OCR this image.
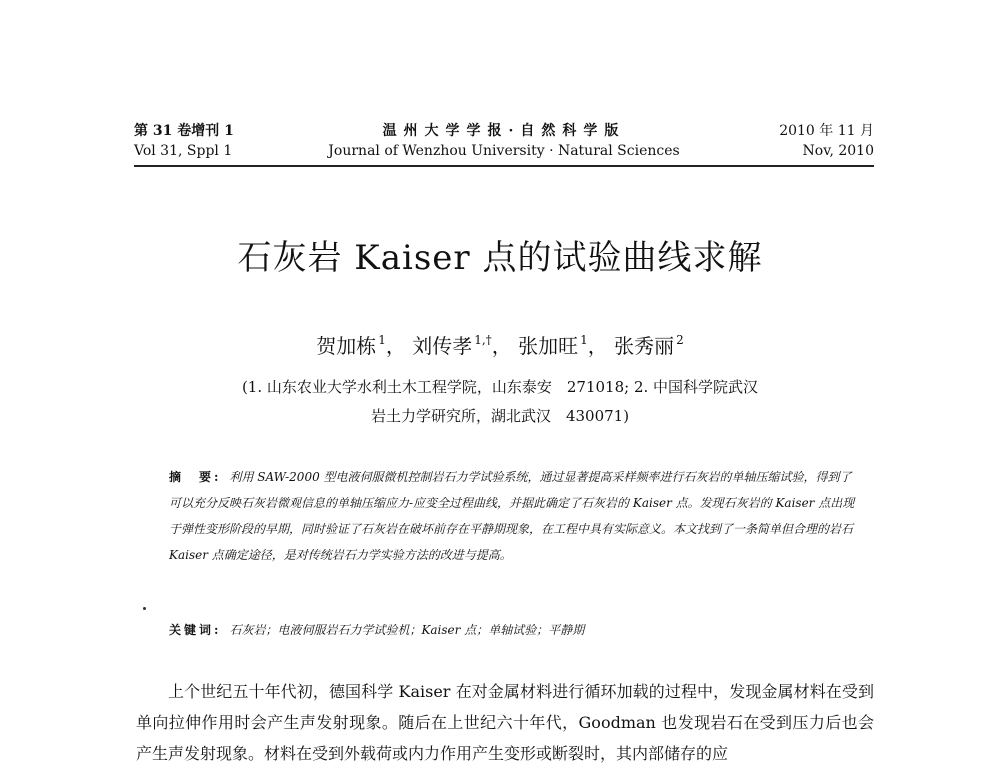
第 31 卷增刊 1
Vol 31, Sppl 1
温州大学学报·自然科学版
Journal of Wenzhou University · Natural Sciences
2010 年 11 月
Nov, 2010
石灰岩 Kaiser 点的试验曲线求解
贺加栋 $^1$， 刘传孝 $^{1,\dagger}$， 张加旺 $^1$， 张秀丽 $^2$
(1. 山东农业大学水利土木工程学院，山东泰安　271018; 2. 中国科学院武汉
岩土力学研究所，湖北武汉　430071)
摘　要: 利用 SAW-2000 型电液伺服微机控制岩石力学试验系统，通过显著提高采样频率进行石灰岩的单轴压缩试验，得到了可以充分反映石灰岩微观信息的单轴压缩应力-应变全过程曲线，并据此确定了石灰岩的 Kaiser 点。发现石灰岩的 Kaiser 点出现于弹性变形阶段的早期，同时验证了石灰岩在破坏前存在平静期现象，在工程中具有实际意义。本文找到了一条简单但合理的岩石 Kaiser 点确定途径，是对传统岩石力学实验方法的改进与提高。
关键词: 石灰岩；电液伺服岩石力学试验机；Kaiser 点；单轴试验；平静期
上个世纪五十年代初，德国科学 Kaiser 在对金属材料进行循环加载的过程中，发现金属材料在受到单向拉伸作用时会产生声发射现象。随后在上世纪六十年代，Goodman 也发现岩石在受到压力后也会产生声发射现象。材料在受到外载荷或内力作用产生变形或断裂时，其内部储存的应
